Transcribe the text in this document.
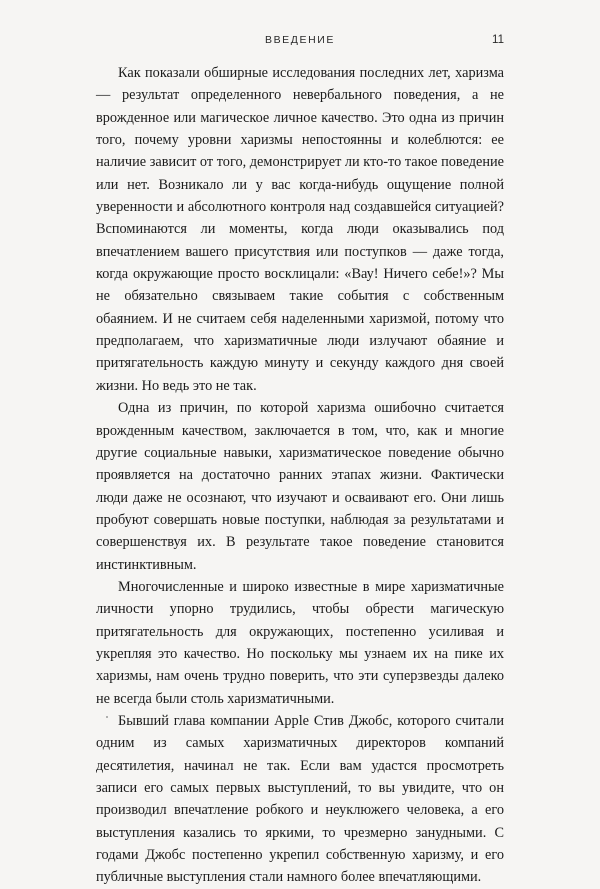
ВВЕДЕНИЕ	11

Как показали обширные исследования последних лет, харизма — результат определенного невербального поведения, а не врожденное или магическое личное качество. Это одна из причин того, почему уровни харизмы непостоянны и колеблются: ее наличие зависит от того, демонстрирует ли кто-то такое поведение или нет. Возникало ли у вас когда-нибудь ощущение полной уверенности и абсолютного контроля над создавшейся ситуацией? Вспоминаются ли моменты, когда люди оказывались под впечатлением вашего присутствия или поступков — даже тогда, когда окружающие просто восклицали: «Вау! Ничего себе!»? Мы не обязательно связываем такие события с собственным обаянием. И не считаем себя наделенными харизмой, потому что предполагаем, что харизматичные люди излучают обаяние и притягательность каждую минуту и секунду каждого дня своей жизни. Но ведь это не так.

Одна из причин, по которой харизма ошибочно считается врожденным качеством, заключается в том, что, как и многие другие социальные навыки, харизматическое поведение обычно проявляется на достаточно ранних этапах жизни. Фактически люди даже не осознают, что изучают и осваивают его. Они лишь пробуют совершать новые поступки, наблюдая за результатами и совершенствуя их. В результате такое поведение становится инстинктивным.

Многочисленные и широко известные в мире харизматичные личности упорно трудились, чтобы обрести магическую притягательность для окружающих, постепенно усиливая и укрепляя это качество. Но поскольку мы узнаем их на пике их харизмы, нам очень трудно поверить, что эти суперзвезды далеко не всегда были столь харизматичными.

Бывший глава компании Apple Стив Джобс, которого считали одним из самых харизматичных директоров компаний десятилетия, начинал не так. Если вам удастся просмотреть записи его самых первых выступлений, то вы увидите, что он производил впечатление робкого и неуклюжего человека, а его выступления казались то яркими, то чрезмерно занудными. С годами Джобс постепенно укрепил собственную харизму, и его публичные выступления стали намного более впечатляющими.
